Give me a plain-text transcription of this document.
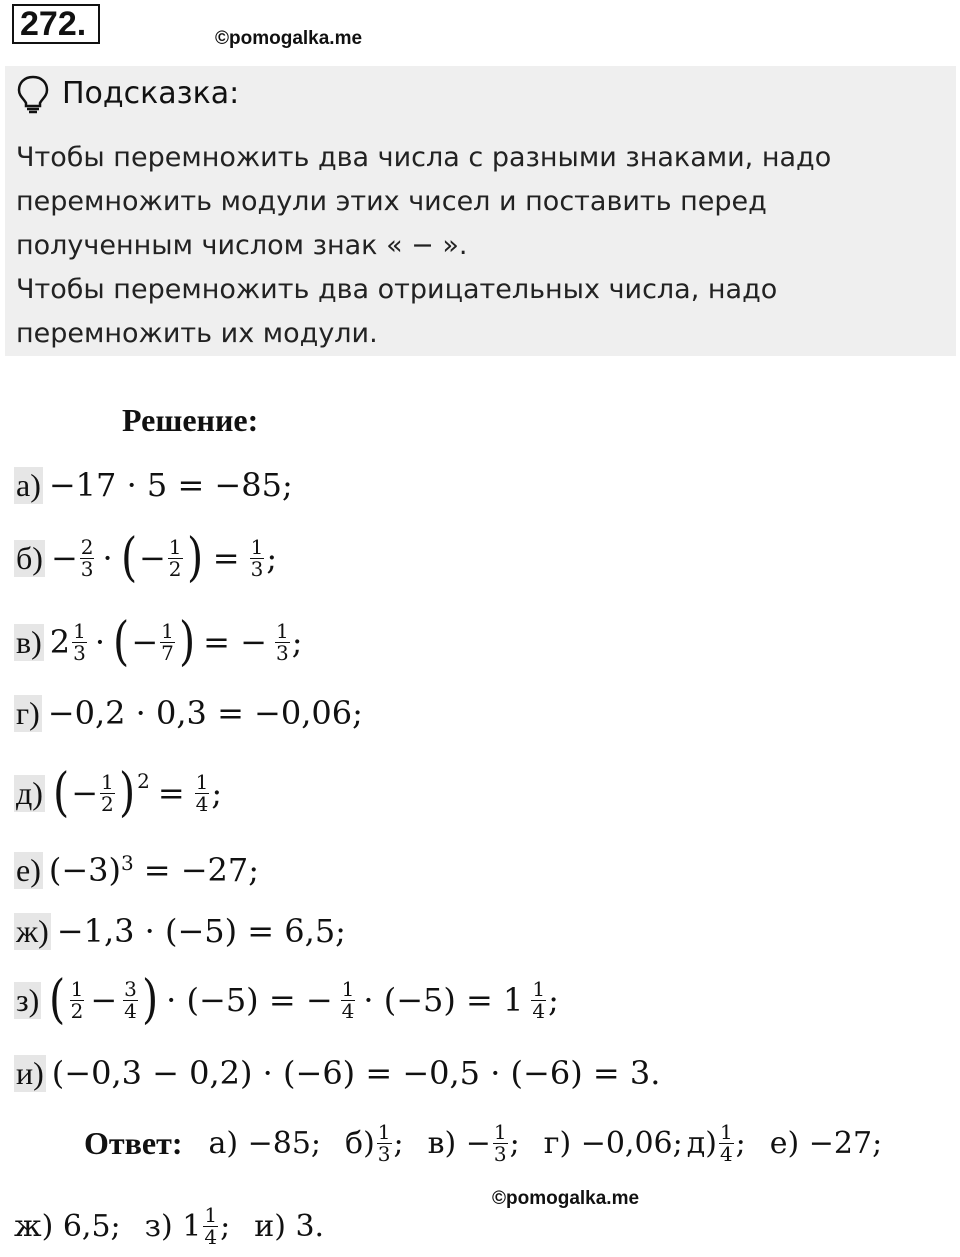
272.	©pomogalka.me
Подсказка:
Чтобы перемножить два числа с разными знаками, надо
перемножить модули этих чисел и поставить перед
полученным числом знак « − ».
Чтобы перемножить два отрицательных числа, надо
перемножить их модули.
Решение:
а) −17 · 5 = −85;
$б) - \frac{2}{3}$ · ( − $\frac{1}{2}$ ) = $\frac{1}{3}$ ;
в) $2 \frac{1}{3}$ · ( − $\frac{1}{7}$ ) = − $\frac{1}{3}$ ;
г) −0,2 · 0,3 = −0,06;
д) ( − $\frac{1}{2} )^2 = \frac{1}{4}$ ;
е) $(-3)^3 = -27$;
ж) −1,3 · (−5) = 6,5;
з) ( $\frac{1}{2} - \frac{3}{4}$ ) · (−5) = − $\frac{1}{4} \cdot (-5) = 1 \frac{1}{4}$ ;
и) (−0,3 − 0,2) · (−6) = −0,5 · (−6) = 3.
Ответ: а) −85; $б) \frac{1}{3}$ ; $в) - \frac{1}{3}$ ; г) −0,06; $д) \frac{1}{4}$ ; е) −27;
©pomogalka.me
ж) 6,5; з) $1 \frac{1}{4}$ ; и) 3.
